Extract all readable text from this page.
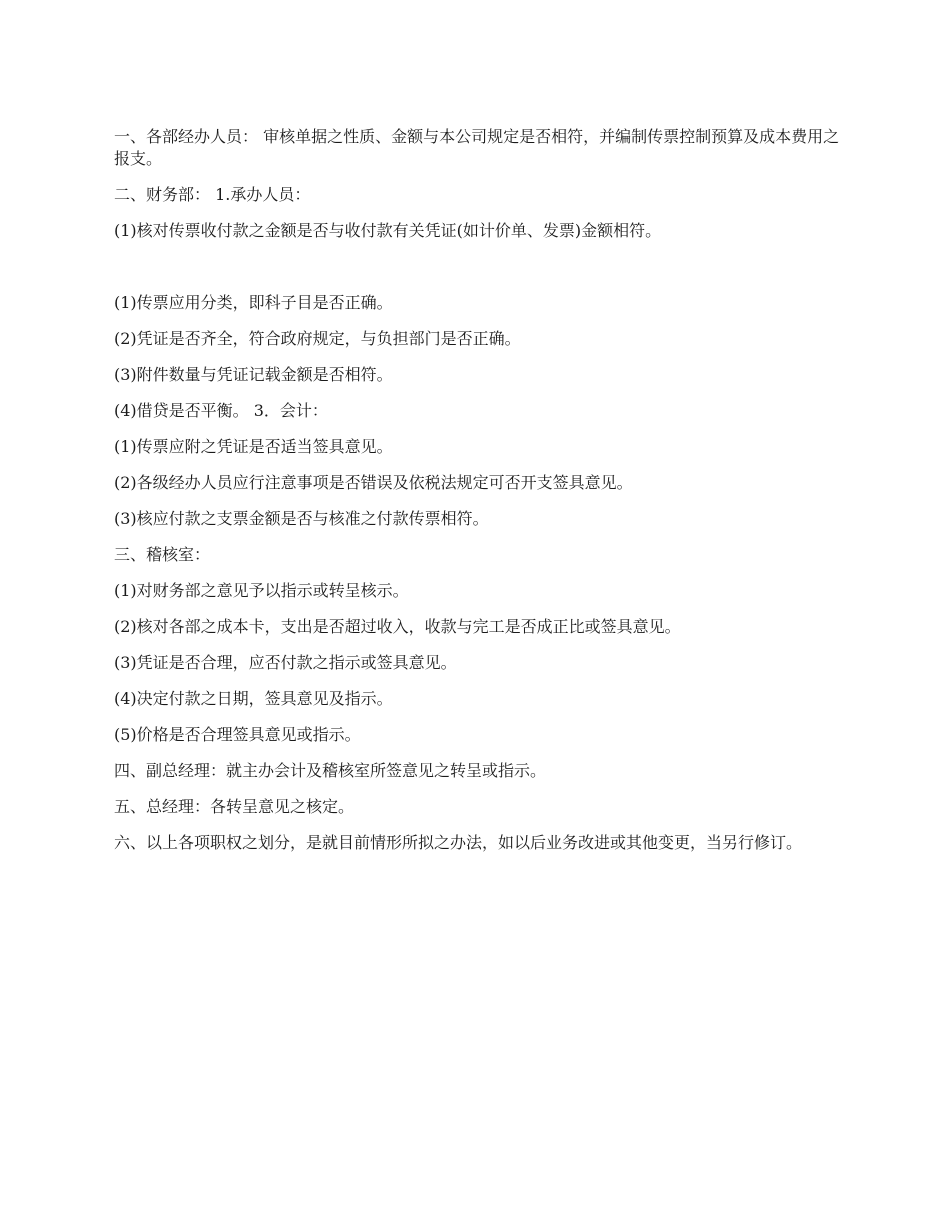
一、各部经办人员： 审核单据之性质、金额与本公司规定是否相符，并编制传票控制预算及成本费用之报支。

二、财务部： 1.承办人员：

(1)核对传票收付款之金额是否与收付款有关凭证(如计价单、发票)金额相符。

(1)传票应用分类，即科子目是否正确。

(2)凭证是否齐全，符合政府规定，与负担部门是否正确。

(3)附件数量与凭证记载金额是否相符。

(4)借贷是否平衡。 3．会计：

(1)传票应附之凭证是否适当签具意见。

(2)各级经办人员应行注意事项是否错误及依税法规定可否开支签具意见。

(3)核应付款之支票金额是否与核准之付款传票相符。

三、稽核室：

(1)对财务部之意见予以指示或转呈核示。

(2)核对各部之成本卡，支出是否超过收入，收款与完工是否成正比或签具意见。

(3)凭证是否合理，应否付款之指示或签具意见。

(4)决定付款之日期，签具意见及指示。

(5)价格是否合理签具意见或指示。

四、副总经理：就主办会计及稽核室所签意见之转呈或指示。

五、总经理：各转呈意见之核定。

六、以上各项职权之划分，是就目前情形所拟之办法，如以后业务改进或其他变更，当另行修订。
